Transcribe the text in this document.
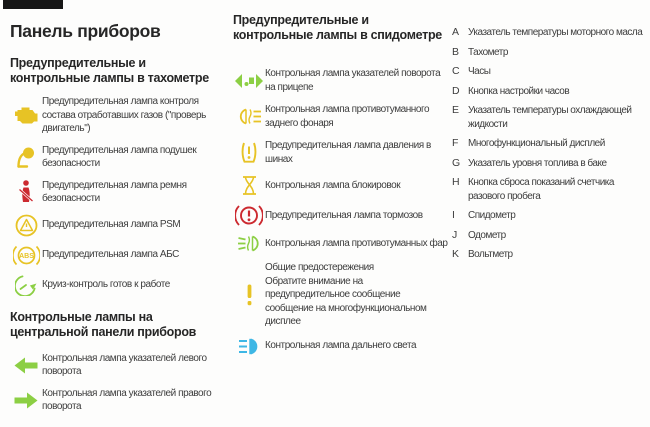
Панель приборов
Предупредительные и контрольные лампы в тахометре
Предупредительная лампа контроля состава отработавших газов ("проверь двигатель")
Предупредительная лампа подушек безопасности
Предупредительная лампа ремня безопасности
Предупредительная лампа PSM
ABS Предупредительная лампа АБС
Круиз-контроль готов к работе
Контрольные лампы на центральной панели приборов
Контрольная лампа указателей левого поворота
Контрольная лампа указателей правого поворота
Предупредительные и контрольные лампы в спидометре
Контрольная лампа указателей поворота на прицепе
Контрольная лампа противотуманного заднего фонаря
Предупредительная лампа давления в шинах
Контрольная лампа блокировок
Предупредительная лампа тормозов
Контрольная лампа противотуманных фар
Общие предостережения
Обратите внимание на предупредительное сообщение сообщение на многофункциональном дисплее
Контрольная лампа дальнего света
A Указатель температуры моторного масла
B Тахометр
C Часы
D Кнопка настройки часов
E Указатель температуры охлаждающей жидкости
F Многофункциональный дисплей
G Указатель уровня топлива в баке
H Кнопка сброса показаний счетчика разового пробега
I	Спидометр
J	Одометр
K Вольтметр
